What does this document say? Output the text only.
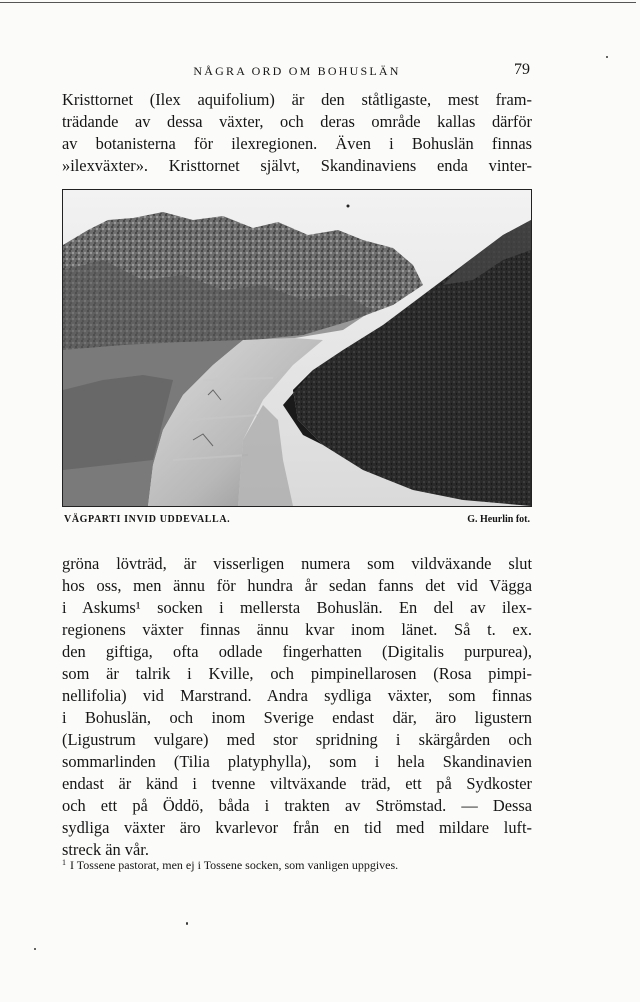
NÅGRA ORD OM BOHUSLÄN	79
Kristtornet (Ilex aquifolium) är den ståtligaste, mest fram-
trädande av dessa växter, och deras område kallas därför
av botanisterna för ilexregionen. Även i Bohuslän finnas
»ilexväxter». Kristtornet självt, Skandinaviens enda vinter-
VÄGPARTI INVID UDDEVALLA.	G. Heurlin fot.
gröna lövträd, är visserligen numera som vildväxande slut
hos oss, men ännu för hundra år sedan fanns det vid Vägga
i Askums¹ socken i mellersta Bohuslän. En del av ilex-
regionens växter finnas ännu kvar inom länet. Så t. ex.
den giftiga, ofta odlade fingerhatten (Digitalis purpurea),
som är talrik i Kville, och pimpinellarosen (Rosa pimpi-
nellifolia) vid Marstrand. Andra sydliga växter, som finnas
i Bohuslän, och inom Sverige endast där, äro ligustern
(Ligustrum vulgare) med stor spridning i skärgården och
sommarlinden (Tilia platyphylla), som i hela Skandinavien
endast är känd i tvenne viltväxande träd, ett på Sydkoster
och ett på Öddö, båda i trakten av Strömstad. — Dessa
sydliga växter äro kvarlevor från en tid med mildare luft-
streck än vår.
$^1$ I Tossene pastorat, men ej i Tossene socken, som vanligen uppgives.
